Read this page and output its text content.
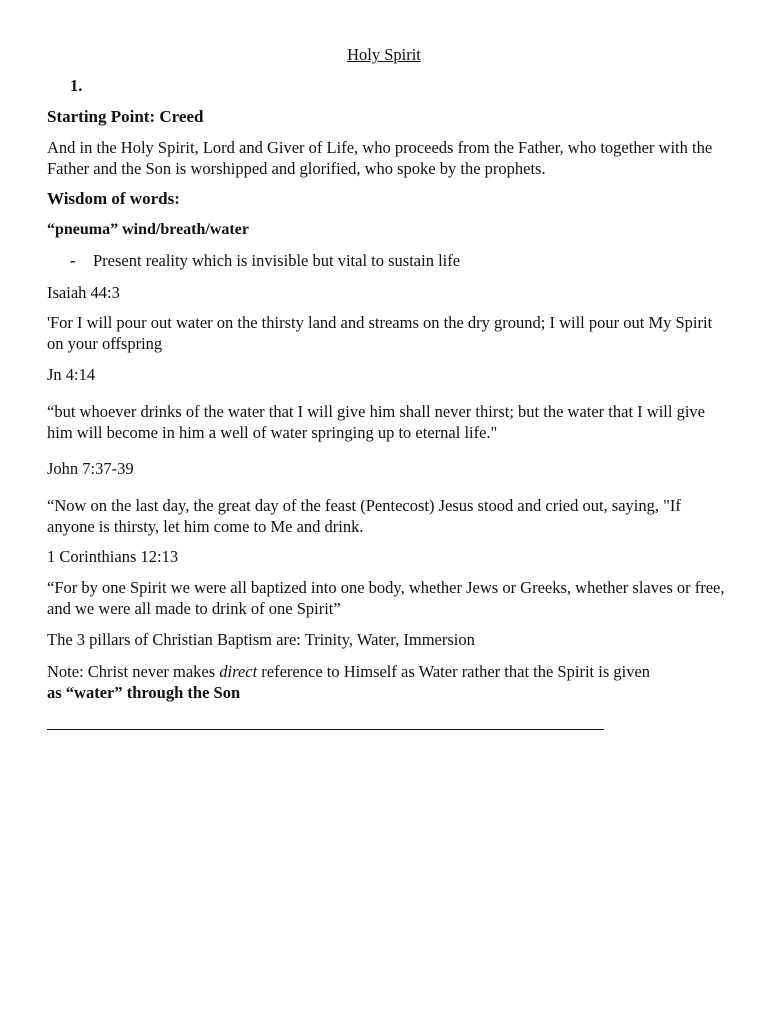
Holy Spirit

1.

Starting Point: Creed

And in the Holy Spirit, Lord and Giver of Life, who proceeds from the Father, who together with the Father and the Son is worshipped and glorified, who spoke by the prophets.

Wisdom of words:

“pneuma” wind/breath/water

- Present reality which is invisible but vital to sustain life

Isaiah 44:3

'For I will pour out water on the thirsty land and streams on the dry ground; I will pour out My Spirit on your offspring

Jn 4:14

“but whoever drinks of the water that I will give him shall never thirst; but the water that I will give him will become in him a well of water springing up to eternal life."

John 7:37-39

“Now on the last day, the great day of the feast (Pentecost) Jesus stood and cried out, saying, "If anyone is thirsty, let him come to Me and drink.

1 Corinthians 12:13

“For by one Spirit we were all baptized into one body, whether Jews or Greeks, whether slaves or free, and we were all made to drink of one Spirit”

The 3 pillars of Christian Baptism are: Trinity, Water, Immersion

Note: Christ never makes direct reference to Himself as Water rather that the Spirit is given
as “water” through the Son
